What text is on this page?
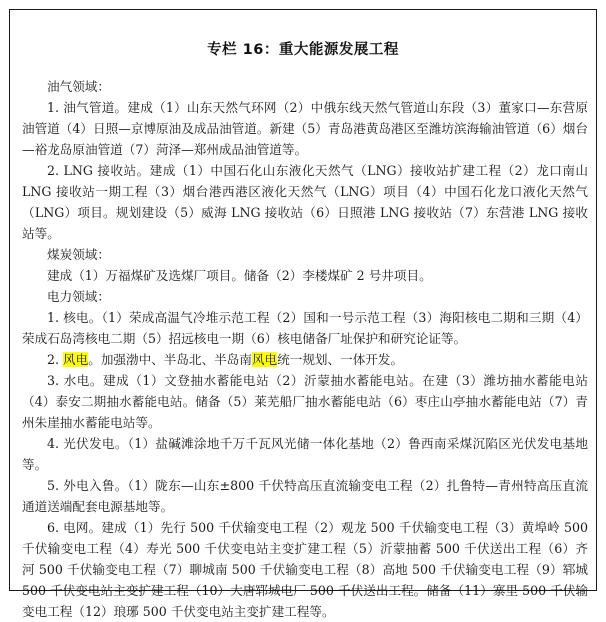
专栏 16：重大能源发展工程

油气领域：

1. 油气管道。建成（1）山东天然气环网（2）中俄东线天然气管道山东段（3）董家口—东营原油管道（4）日照—京博原油及成品油管道。新建（5）青岛港黄岛港区至潍坊滨海输油管道（6）烟台—裕龙岛原油管道（7）菏泽—郑州成品油管道等。

2. LNG 接收站。建成（1）中国石化山东液化天然气（LNG）接收站扩建工程（2）龙口南山 LNG 接收站一期工程（3）烟台港西港区液化天然气（LNG）项目（4）中国石化龙口液化天然气（LNG）项目。规划建设（5）威海 LNG 接收站（6）日照港 LNG 接收站（7）东营港 LNG 接收站等。

煤炭领域：

建成（1）万福煤矿及选煤厂项目。储备（2）李楼煤矿 2 号井项目。

电力领域：

1. 核电。（1）荣成高温气冷堆示范工程（2）国和一号示范工程（3）海阳核电二期和三期（4）荣成石岛湾核电二期（5）招远核电一期（6）核电储备厂址保护和研究论证等。

2. 风电。加强渤中、半岛北、半岛南风电统一规划、一体开发。

3. 水电。建成（1）文登抽水蓄能电站（2）沂蒙抽水蓄能电站。在建（3）潍坊抽水蓄能电站（4）泰安二期抽水蓄能电站。储备（5）莱芜船厂抽水蓄能电站（6）枣庄山亭抽水蓄能电站（7）青州朱崖抽水蓄能电站等。

4. 光伏发电。（1）盐碱滩涂地千万千瓦风光储一体化基地（2）鲁西南采煤沉陷区光伏发电基地等。

5. 外电入鲁。（1）陇东—山东±800 千伏特高压直流输变电工程（2）扎鲁特—青州特高压直流通道送端配套电源基地等。

6. 电网。建成（1）先行 500 千伏输变电工程（2）观龙 500 千伏输变电工程（3）黄埠岭 500 千伏输变电工程（4）寿光 500 千伏变电站主变扩建工程（5）沂蒙抽蓄 500 千伏送出工程（6）齐河 500 千伏输变电工程（7）聊城南 500 千伏输变电工程（8）高地 500 千伏输变电工程（9）郓城 500 千伏变电站主变扩建工程（10）大唐郓城电厂 500 千伏送出工程。储备（11）寨里 500 千伏输变电工程（12）琅琊 500 千伏变电站主变扩建工程等。
